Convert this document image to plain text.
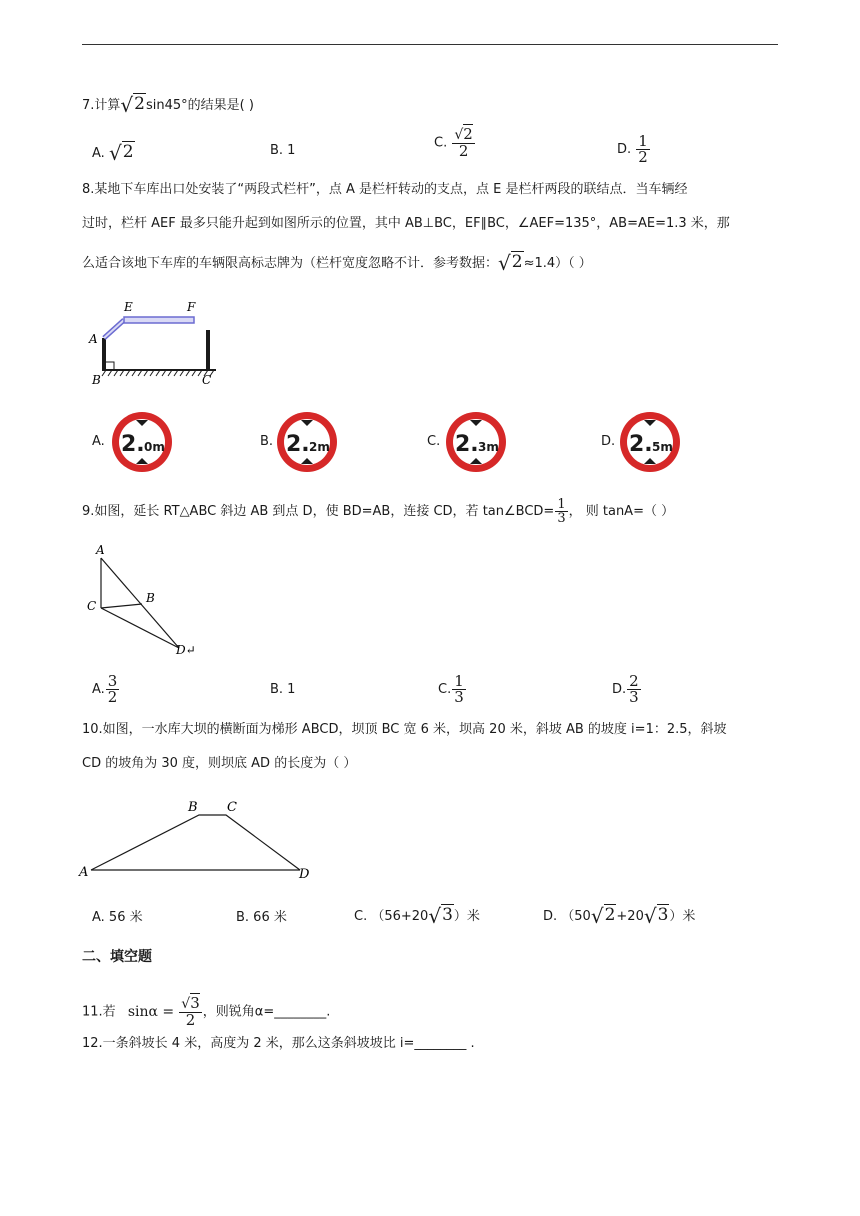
7.计算√2sin45°的结果是( )
A. √2	B. 1	C. $\frac{√2}{2}$	D. $\frac{1}{2}$
8.某地下车库出口处安装了“两段式栏杆”，点 A 是栏杆转动的支点，点 E 是栏杆两段的联结点．当车辆经
过时，栏杆 AEF 最多只能升起到如图所示的位置，其中 AB⊥BC，EF∥BC，∠AEF=135°，AB=AE=1.3 米，那
么适合该地下车库的车辆限高标志牌为（栏杆宽度忽略不计．参考数据：√2≈1.4）（ ）
A
B	C
E	F
A. 2. 0m	B. 2. 2m	C. 2. 3m	D. 2. 5m
9.如图，延长 RT△ABC 斜边 AB 到点 D，使 BD=AB，连接 CD，若 tan∠BCD= $\frac{1}{3}$ ， 则 tanA=（ ）
A
C
B
D↵
A. $\frac{3}{2}$	B. 1	C. $\frac{1}{3}$	D. $\frac{2}{3}$
10.如图，一水库大坝的横断面为梯形 ABCD，坝顶 BC 宽 6 米，坝高 20 米，斜坡 AB 的坡度 i=1：2.5，斜坡
CD 的坡角为 30 度，则坝底 AD 的长度为（ ）
A
B C
D
A. 56 米	B. 66 米	C. （56+20√3）米	D. （50√2+20√3）米
二、填空题
11.若 $\sin\alpha = \frac{√3}{2}$ ，则锐角α=________.
12.一条斜坡长 4 米，高度为 2 米，那么这条斜坡坡比 i=________ .
